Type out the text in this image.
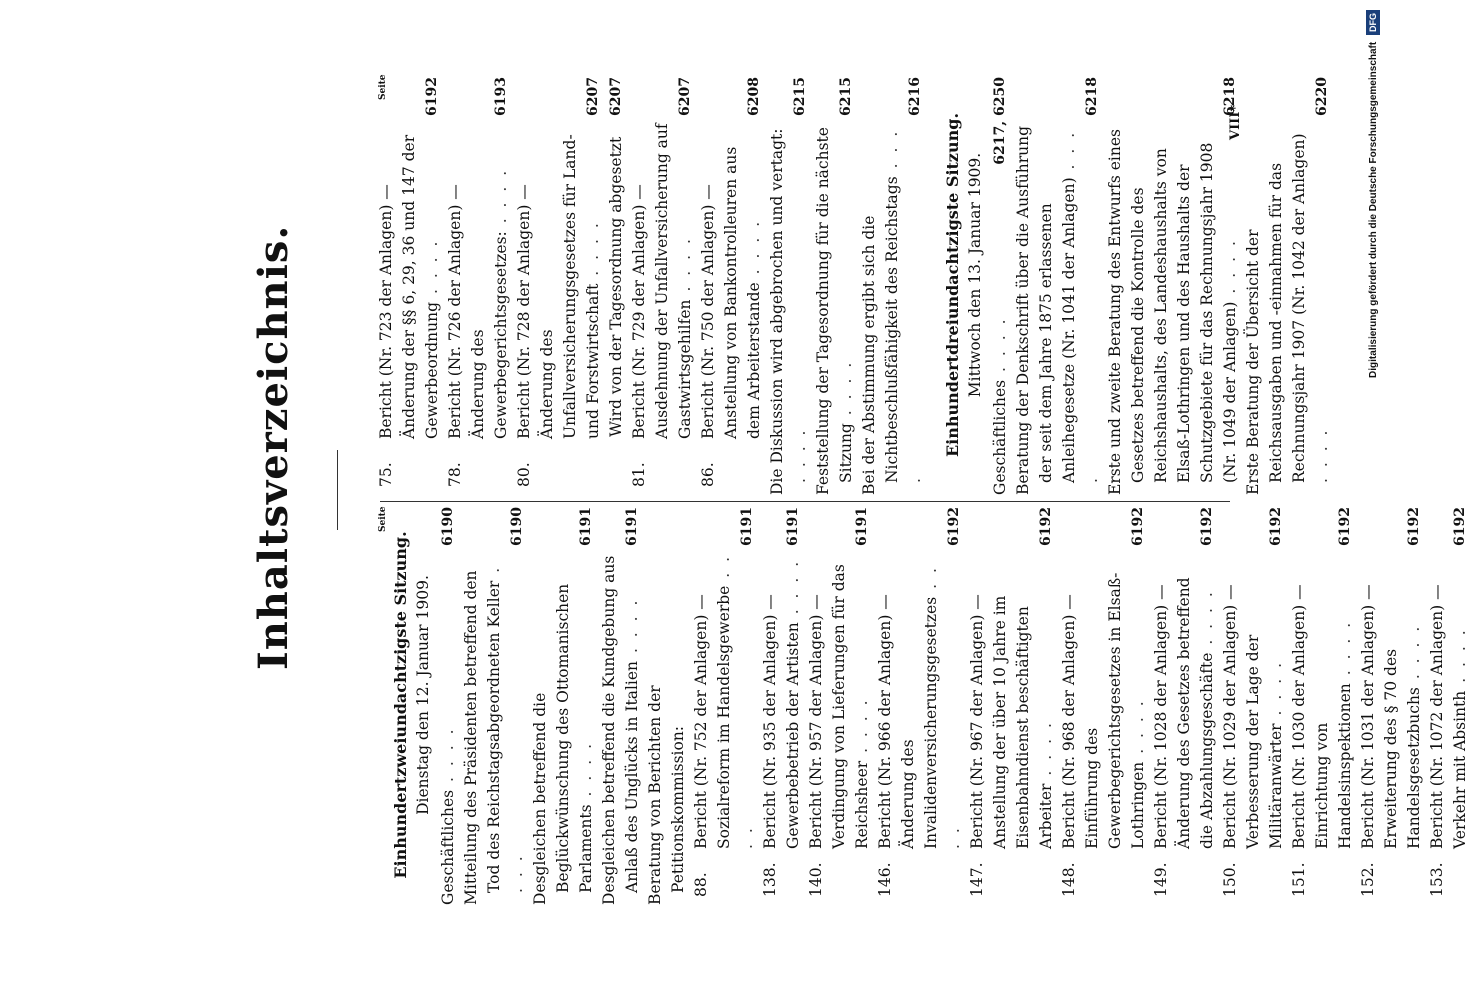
Inhaltsverzeichnis.	Seite
Seite
Einhundertzweiundachtzigste Sitzung. Dienstag den 12. Januar 1909.
Geschäftliches . . . .
6190
Mitteilung des Präsidenten betreffend den Tod des Reichstagsabgeordneten Keller . . . .
6190
Desgleichen betreffend die Beglückwünschung des Ottomanischen Parlaments . . . .
6191
Desgleichen betreffend die Kundgebung aus Anlaß des Unglücks in Italien . . . .
6191
Beratung von Berichten der Petitionskommission: 88.
Bericht (Nr. 752 der Anlagen) — Sozialreform im Handelsgewerbe . . . .
6191
138.
Bericht (Nr. 935 der Anlagen) — Gewerbebetrieb der Artisten . . . .
6191
140.
Bericht (Nr. 957 der Anlagen) — Verdingung von Lieferungen für das Reichsheer . . . .
6191
146.
Bericht (Nr. 966 der Anlagen) — Änderung des Invalidenversicherungsgesetzes . . . .
6192
147.
Bericht (Nr. 967 der Anlagen) — Anstellung der über 10 Jahre im Eisenbahndienst beschäftigten Arbeiter . . . .
6192
148.
Bericht (Nr. 968 der Anlagen) — Einführung des Gewerbegerichtsgesetzes in Elsaß-Lothringen . . . .
6192
149.
Bericht (Nr. 1028 der Anlagen) — Änderung des Gesetzes betreffend die Abzahlungsgeschäfte . . . .
6192
150.
Bericht (Nr. 1029 der Anlagen) — Verbesserung der Lage der Militäranwärter . . . .
6192
151.
Bericht (Nr. 1030 der Anlagen) — Einrichtung von Handelsinspektionen . . . .
6192
152.
Bericht (Nr. 1031 der Anlagen) — Erweiterung des § 70 des Handelsgesetzbuchs . . . .
6192
153.
Bericht (Nr. 1072 der Anlagen) — Verkehr mit Absinth . . . .
6192
75.
Bericht (Nr. 723 der Anlagen) — Änderung der §§ 6, 29, 36 und 147 der Gewerbeordnung . . . .
6192
78.
Bericht (Nr. 726 der Anlagen) — Änderung des Gewerbegerichtsgesetzes: . . . .
6193
80.
Bericht (Nr. 728 der Anlagen) — Änderung des Unfallversicherungsgesetzes für Land- und Forstwirtschaft . . . .
6207
Wird von der Tagesordnung abgesetzt
6207
81.
Bericht (Nr. 729 der Anlagen) — Ausdehnung der Unfallversicherung auf Gastwirtsgehilfen . . . .
6207
86.
Bericht (Nr. 750 der Anlagen) — Anstellung von Bankontrolleuren aus dem Arbeiterstande . . . .
6208
Die Diskussion wird abgebrochen und vertagt: . . . .
6215
Feststellung der Tagesordnung für die nächste Sitzung . . . .
6215
Bei der Abstimmung ergibt sich die Nichtbeschlußfähigkeit des Reichstags . . . .
6216
Einhundertdreiundachtzigste Sitzung. Mittwoch den 13. Januar 1909.
Geschäftliches . . . .
6217, 6250
Beratung der Denkschrift über die Ausführung der seit dem Jahre 1875 erlassenen Anleihegesetze (Nr. 1041 der Anlagen) . . . .
6218
Erste und zweite Beratung des Entwurfs eines Gesetzes betreffend die Kontrolle des Reichshaushalts, des Landeshaushalts von Elsaß-Lothringen und des Haushalts der Schutzgebiete für das Rechnungsjahr 1908 (Nr. 1049 der Anlagen) . . . .
6218
Erste Beratung der Übersicht der Reichsausgaben und -einnahmen für das Rechnungsjahr 1907 (Nr. 1042 der Anlagen) . . . .
6220
VIII*	Digitalisierung gefördert durch die Deutsche Forschungsgemeinschaft DFG
